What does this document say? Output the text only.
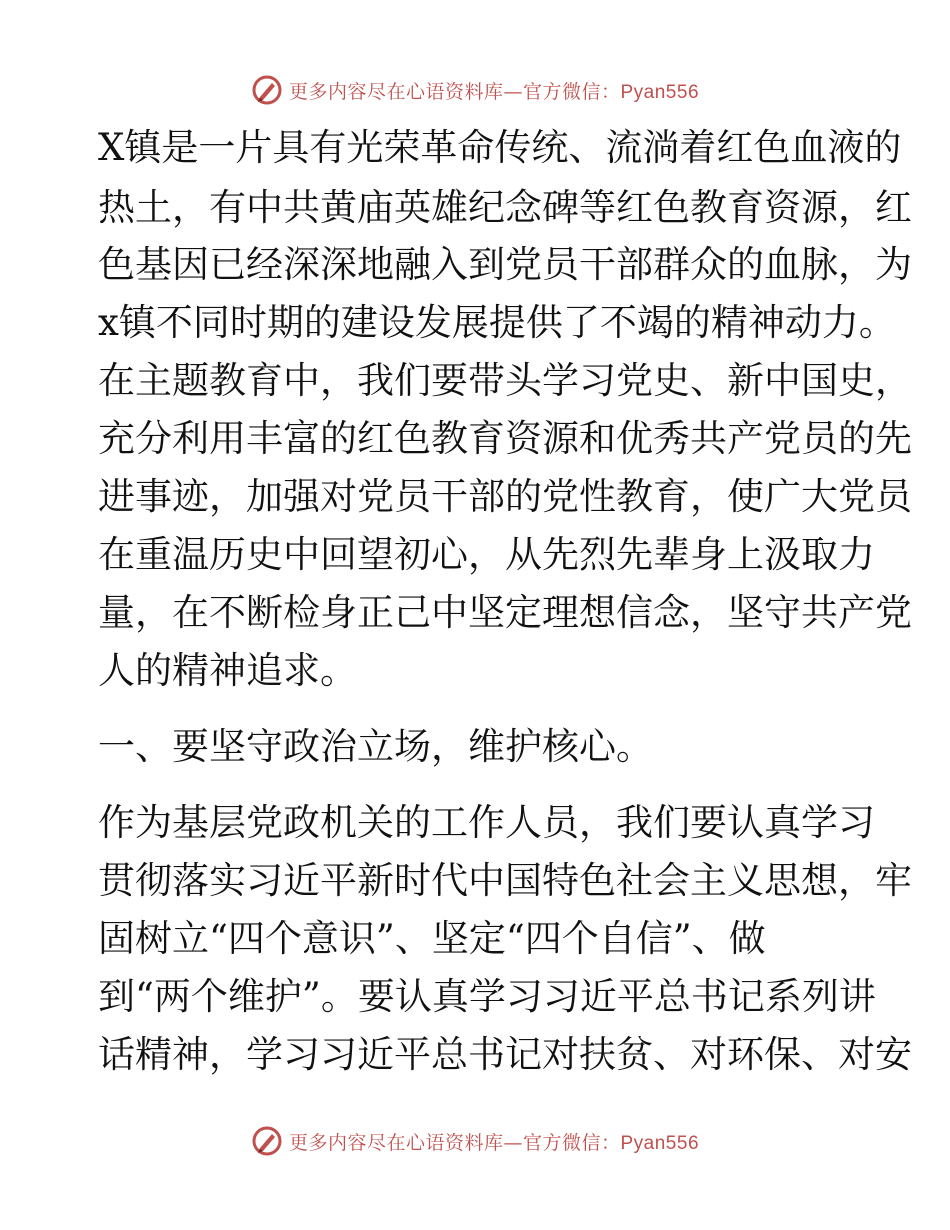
更多内容尽在心语资料库—官方微信：Pyan556
X镇是一片具有光荣革命传统、流淌着红色血液的
热土，有中共黄庙英雄纪念碑等红色教育资源，红
色基因已经深深地融入到党员干部群众的血脉，为
x镇不同时期的建设发展提供了不竭的精神动力。
在主题教育中，我们要带头学习党史、新中国史，
充分利用丰富的红色教育资源和优秀共产党员的先
进事迹，加强对党员干部的党性教育，使广大党员
在重温历史中回望初心，从先烈先辈身上汲取力
量，在不断检身正己中坚定理想信念，坚守共产党
人的精神追求。
一、要坚守政治立场，维护核心。
作为基层党政机关的工作人员，我们要认真学习
贯彻落实习近平新时代中国特色社会主义思想，牢
固树立“四个意识”、坚定“四个自信”、做
到“两个维护”。要认真学习习近平总书记系列讲
话精神，学习习近平总书记对扶贫、对环保、对安
更多内容尽在心语资料库—官方微信：Pyan556
